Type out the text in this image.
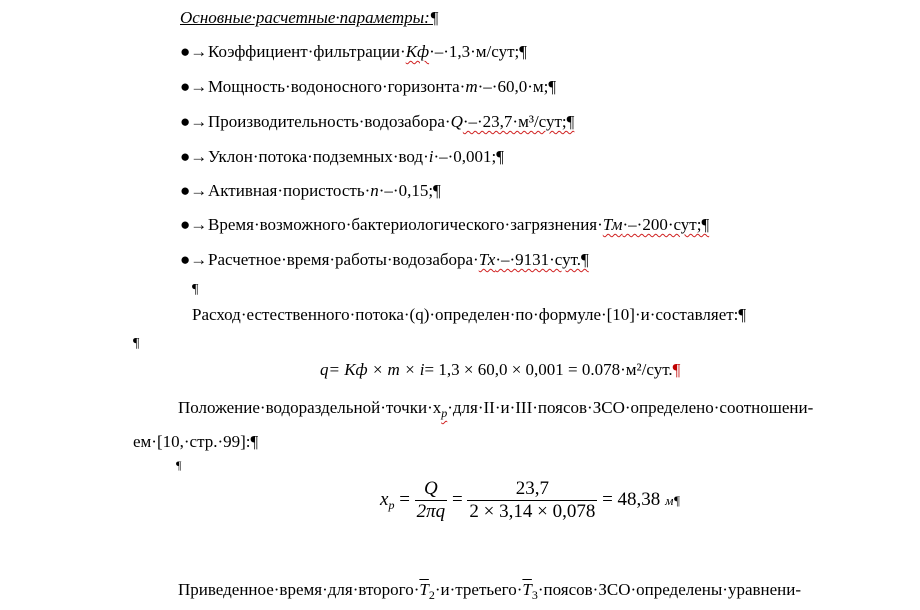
Основные·расчетные·параметры:¶
●→Коэффициент·фильтрации·Кф·–·1,3·м/сут;¶
●→Мощность·водоносного·горизонта·m·–·60,0·м;¶
●→Производительность·водозабора·Q·–·23,7·м³/сут;¶
●→Уклон·потока·подземных·вод·i·–·0,001;¶
●→Активная·пористость·n·–·0,15;¶
●→Время·возможного·бактериологического·загрязнения·Тм·–·200·сут;¶
●→Расчетное·время·работы·водозабора·Тх·–·9131·сут.¶
¶
Расход·естественного·потока·(q)·определен·по·формуле·[10]·и·составляет:¶
¶
q= Кф × m × i= 1,3 × 60,0 × 0,001 = 0.078·м²/сут.¶
$Положение\cdot водораздельной\cdot точки\cdot x_p\cdot для\cdot II\cdot и\cdot III\cdot поясов\cdot ЗСО\cdot определено\cdot соотношени-$
ем·[10,·стр.·99]:¶
¶
$x_p = \frac{Q}{2\pi q} = \frac{23,7}{2 \times 3,14 \times 0,078} = 48,38$ м¶
$Приведенное\cdot время\cdot для\cdot второго\cdot\overline{T}_2\cdot и\cdot третьего\cdot\overline{T}_3\cdot поясов\cdot ЗСО\cdot определены\cdot уравнени-$
